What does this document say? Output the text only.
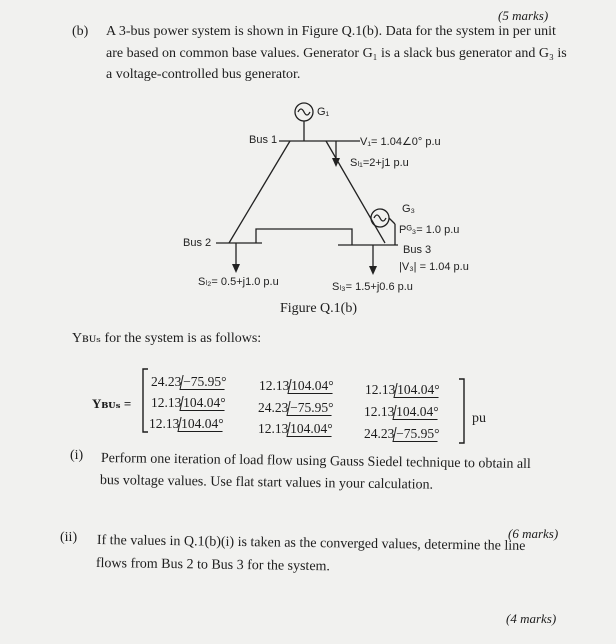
(5 marks)
(b) A 3-bus power system is shown in Figure Q.1(b). Data for the system in per unit
are based on common base values. Generator G₁ is a slack bus generator and G₃ is
a voltage-controlled bus generator.
G₁
Bus 1	V₁= 1.04∠0° p.u
Sₗ₁=2+j1 p.u
G₃
Pᴳ₃= 1.0 p.u
Bus 2
Bus 3
|V₃| = 1.04 p.u
Sₗ₂= 0.5+j1.0 p.u	Sₗ₃= 1.5+j0.6 p.u
Figure Q.1(b)
Yʙᴜₛ for the system is as follows:
Yʙᴜₛ =
24.23 −75.95° 12.13 104.04° 12.13 104.04°
12.13 104.04° 24.23 −75.95° 12.13 104.04°
12.13 104.04°	12.13 104.04° 24.23 −75.95°
pu
(i) Perform one iteration of load flow using Gauss Siedel technique to obtain all
bus voltage values. Use flat start values in your calculation.
(6 marks)
(ii) If the values in Q.1(b)(i) is taken as the converged values, determine the line
flows from Bus 2 to Bus 3 for the system.
(4 marks)
